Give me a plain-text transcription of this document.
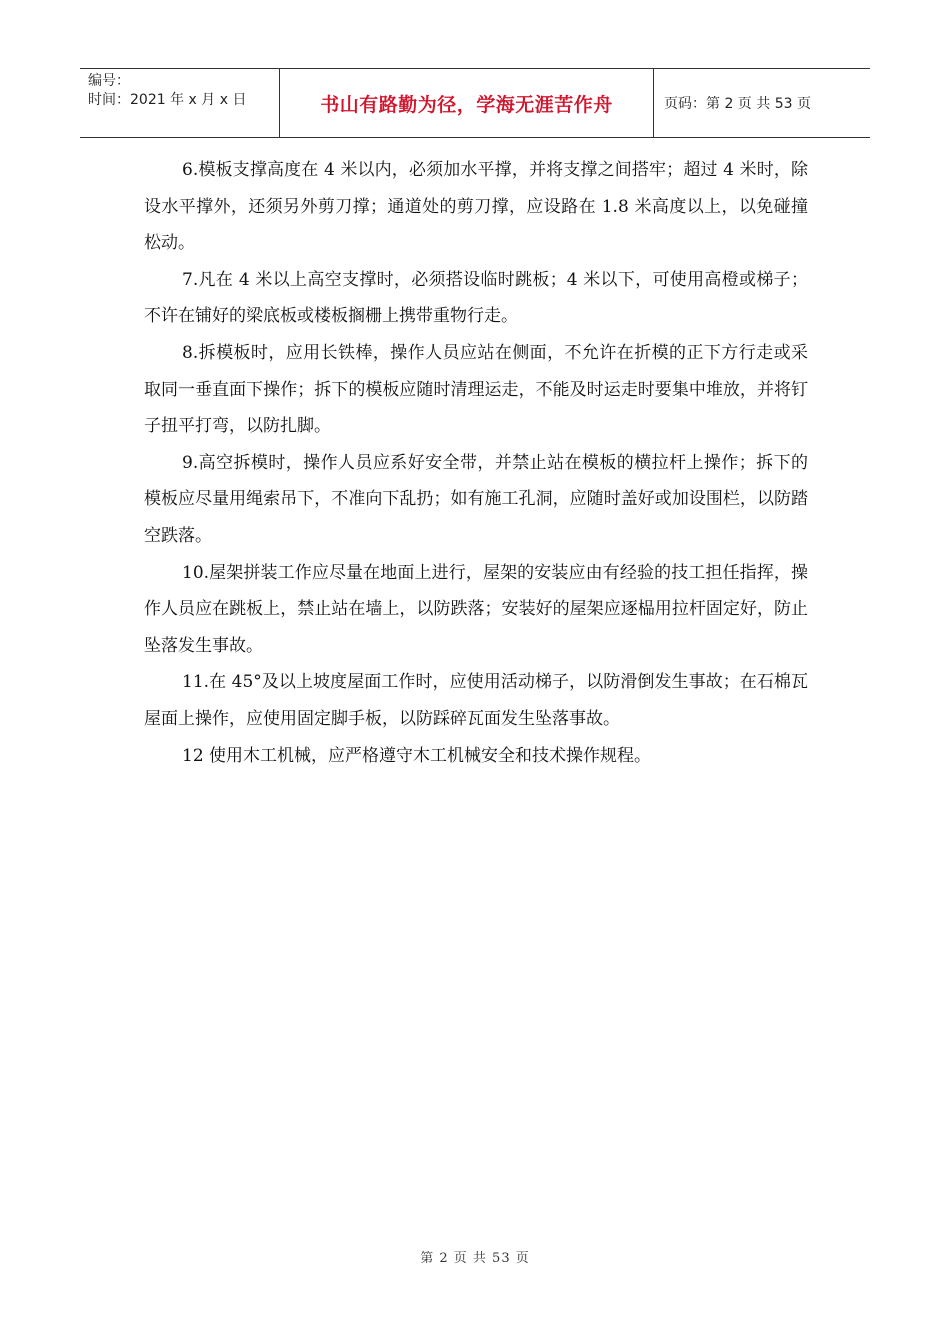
编号：
时间：2021 年 x 月 x 日	书山有路勤为径，学海无涯苦作舟	页码：第 2 页 共 53 页

6.模板支撑高度在 4 米以内，必须加水平撑，并将支撑之间搭牢；超过 4 米时，除设水平撑外，还须另外剪刀撑；通道处的剪刀撑，应设路在 1.8 米高度以上，以免碰撞松动。

7.凡在 4 米以上高空支撑时，必须搭设临时跳板；4 米以下，可使用高橙或梯子；不许在铺好的梁底板或楼板搁栅上携带重物行走。

8.拆模板时，应用长铁棒，操作人员应站在侧面，不允许在折模的正下方行走或采取同一垂直面下操作；拆下的模板应随时清理运走，不能及时运走时要集中堆放，并将钉子扭平打弯，以防扎脚。

9.高空拆模时，操作人员应系好安全带，并禁止站在模板的横拉杆上操作；拆下的模板应尽量用绳索吊下，不准向下乱扔；如有施工孔洞，应随时盖好或加设围栏，以防踏空跌落。

10.屋架拼装工作应尽量在地面上进行，屋架的安装应由有经验的技工担任指挥，操作人员应在跳板上，禁止站在墙上，以防跌落；安装好的屋架应逐榀用拉杆固定好，防止坠落发生事故。

11.在 45°及以上坡度屋面工作时，应使用活动梯子，以防滑倒发生事故；在石棉瓦屋面上操作，应使用固定脚手板，以防踩碎瓦面发生坠落事故。

12 使用木工机械，应严格遵守木工机械安全和技术操作规程。

第 2 页 共 53 页
